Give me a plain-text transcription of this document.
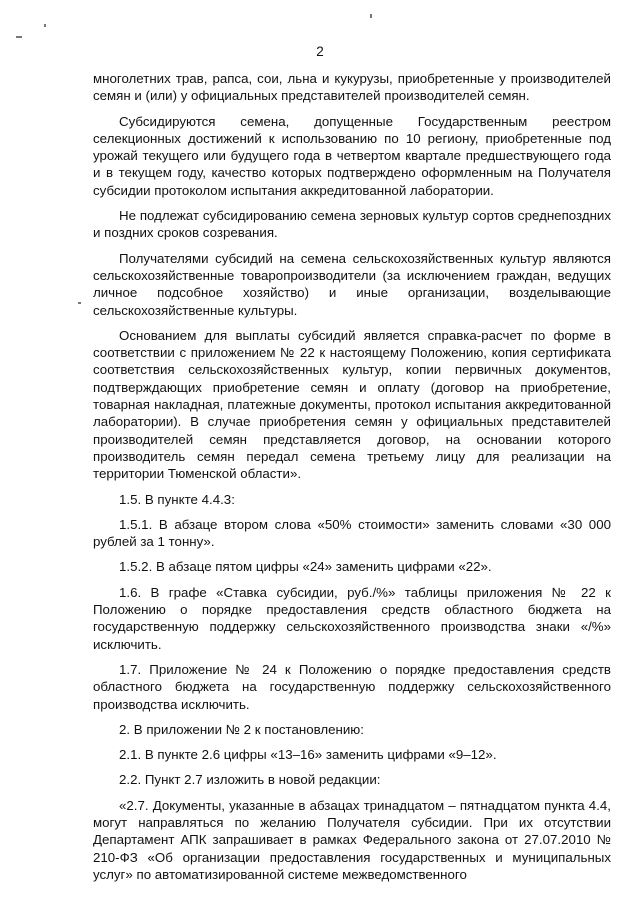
2

многолетних трав, рапса, сои, льна и кукурузы, приобретенные у производителей семян и (или) у официальных представителей производителей семян.

Субсидируются семена, допущенные Государственным реестром селекционных достижений к использованию по 10 региону, приобретенные под урожай текущего или будущего года в четвертом квартале предшествующего года и в текущем году, качество которых подтверждено оформленным на Получателя субсидии протоколом испытания аккредитованной лаборатории.

Не подлежат субсидированию семена зерновых культур сортов среднепоздних и поздних сроков созревания.

Получателями субсидий на семена сельскохозяйственных культур являются сельскохозяйственные товаропроизводители (за исключением граждан, ведущих личное подсобное хозяйство) и иные организации, возделывающие сельскохозяйственные культуры.

Основанием для выплаты субсидий является справка-расчет по форме в соответствии с приложением № 22 к настоящему Положению, копия сертификата соответствия сельскохозяйственных культур, копии первичных документов, подтверждающих приобретение семян и оплату (договор на приобретение, товарная накладная, платежные документы, протокол испытания аккредитованной лаборатории). В случае приобретения семян у официальных представителей производителей семян представляется договор, на основании которого производитель семян передал семена третьему лицу для реализации на территории Тюменской области».

1.5. В пункте 4.4.3:

1.5.1. В абзаце втором слова «50% стоимости» заменить словами «30 000 рублей за 1 тонну».

1.5.2. В абзаце пятом цифры «24» заменить цифрами «22».

1.6. В графе «Ставка субсидии, руб./%» таблицы приложения № 22 к Положению о порядке предоставления средств областного бюджета на государственную поддержку сельскохозяйственного производства знаки «/%» исключить.

1.7. Приложение № 24 к Положению о порядке предоставления средств областного бюджета на государственную поддержку сельскохозяйственного производства исключить.

2. В приложении № 2 к постановлению:

2.1. В пункте 2.6 цифры «13–16» заменить цифрами «9–12».

2.2. Пункт 2.7 изложить в новой редакции:

«2.7. Документы, указанные в абзацах тринадцатом – пятнадцатом пункта 4.4, могут направляться по желанию Получателя субсидии. При их отсутствии Департамент АПК запрашивает в рамках Федерального закона от 27.07.2010 № 210-ФЗ «Об организации предоставления государственных и муниципальных услуг» по автоматизированной системе межведомственного
